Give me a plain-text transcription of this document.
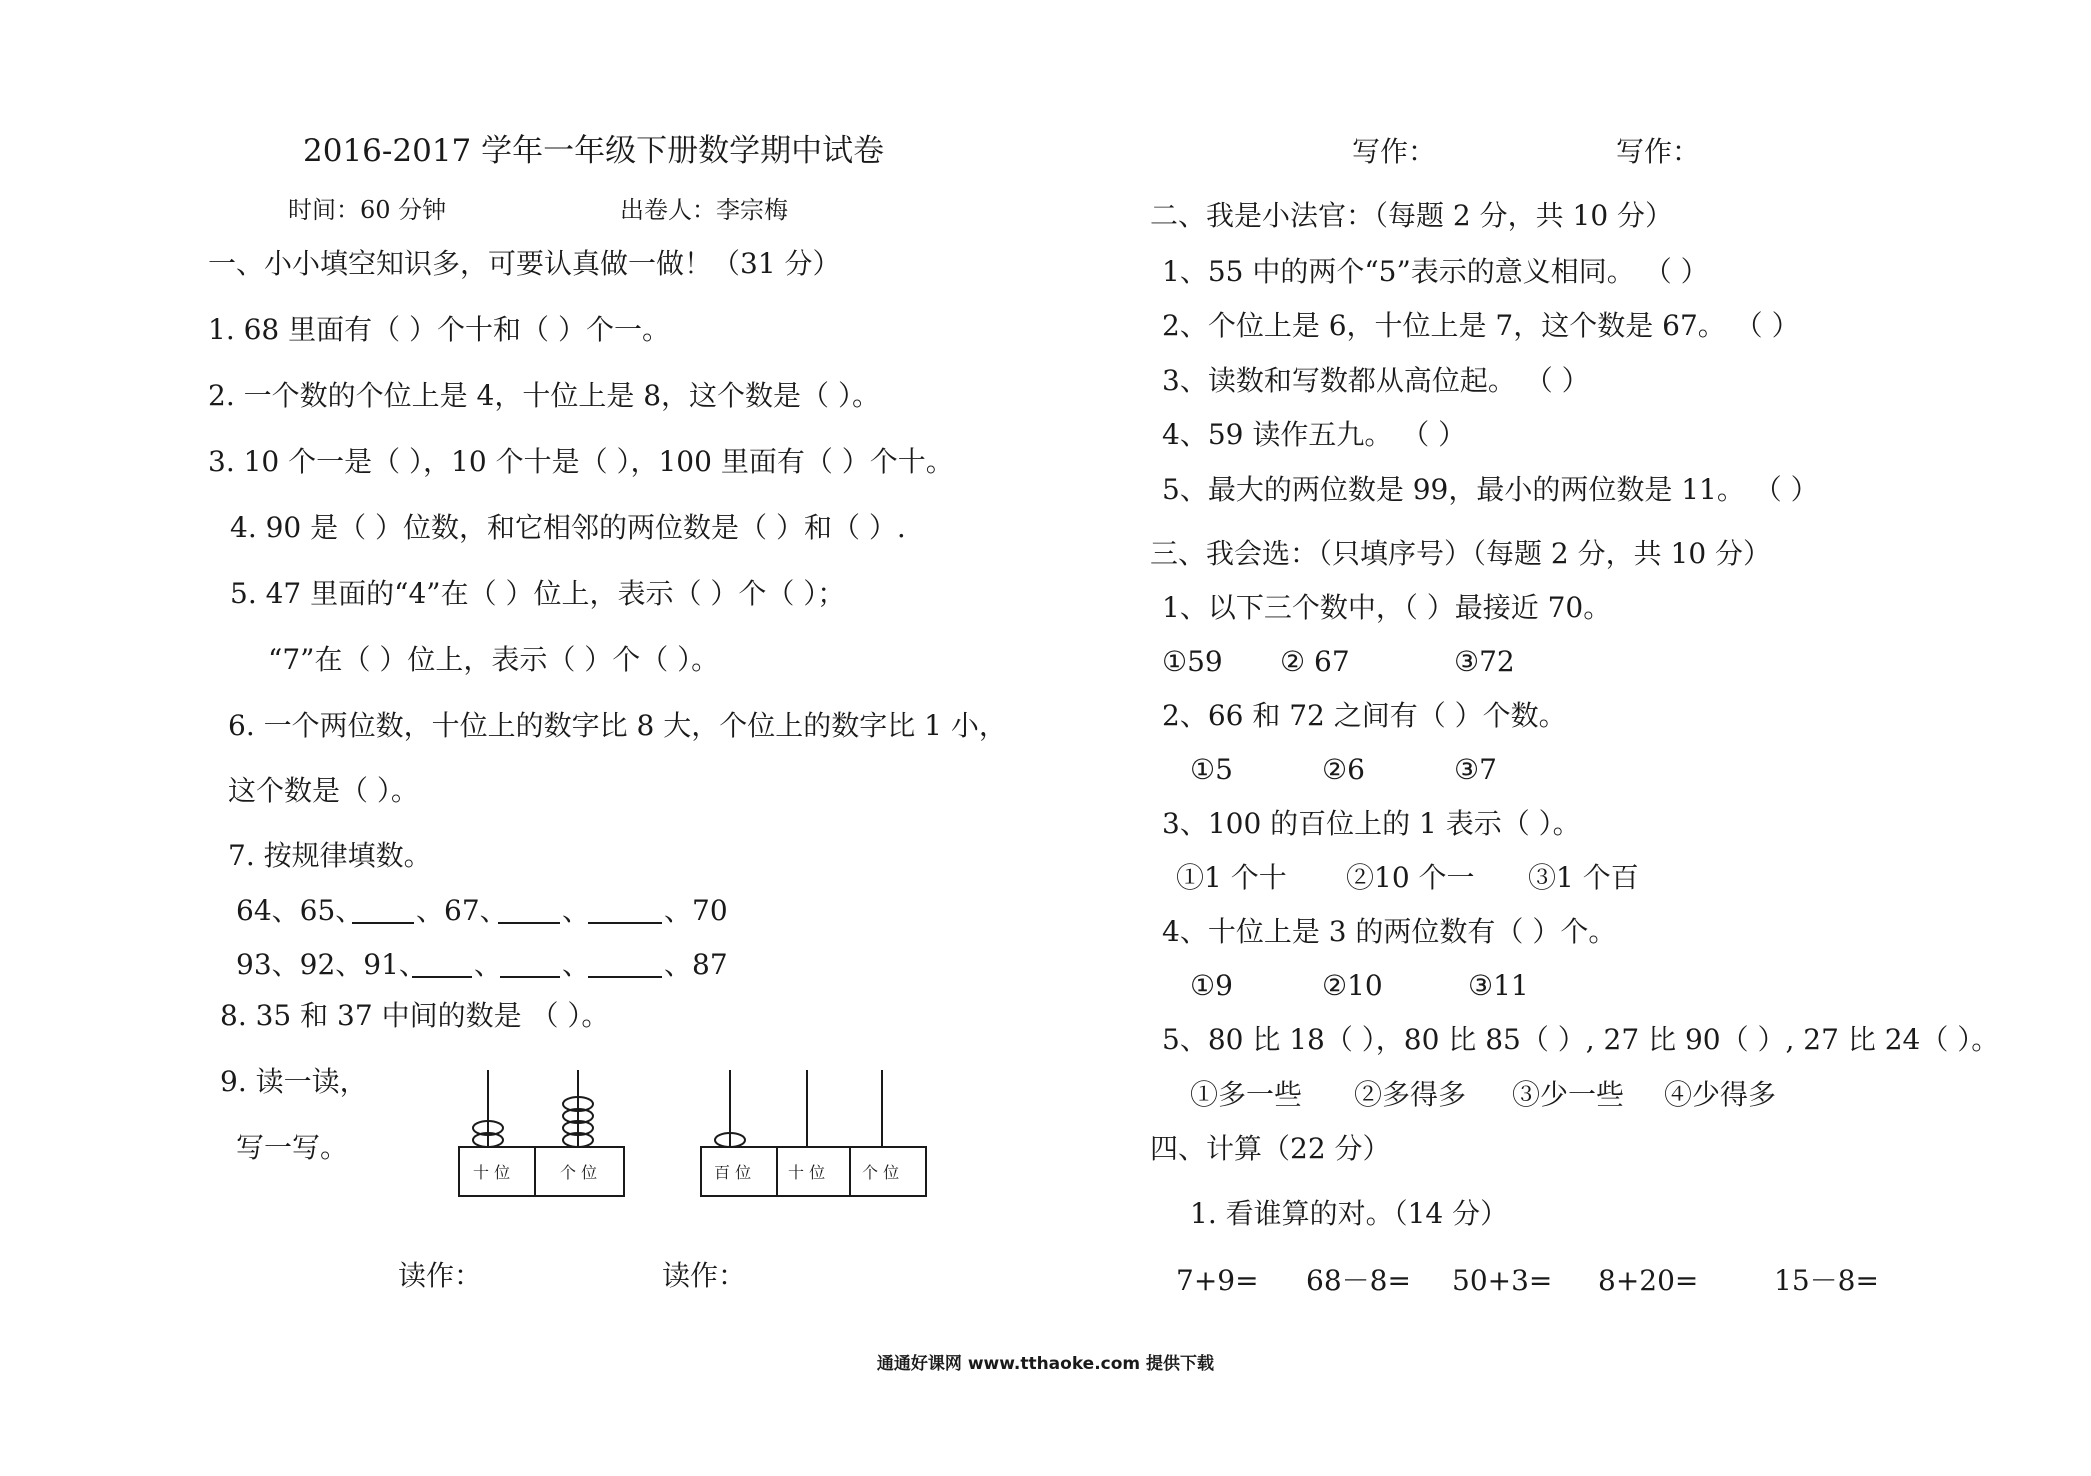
2016-2017 学年一年级下册数学期中试卷
时间：60 分钟	出卷人：李宗梅
一、小小填空知识多，可要认真做一做！（31 分）
1. 68 里面有（ ）个十和（ ）个一。
2. 一个数的个位上是 4，十位上是 8，这个数是（ ）。
3. 10 个一是（ ），10 个十是（ ），100 里面有（ ）个十。
4. 90 是（ ）位数，和它相邻的两位数是（ ）和（ ）.
5. 47 里面的“4”在（ ）位上，表示（ ）个（ ）；
“7”在（ ）位上，表示（ ）个（ ）。
6. 一个两位数，十位上的数字比 8 大，个位上的数字比 1 小，
这个数是（ ）。
7. 按规律填数。
64、65、 、67、 、	、70
93、92、91、 、 、	、87
8. 35 和 37 中间的数是 （ ）。
9. 读一读，
写一写。
十 位	个 位	百 位 十 位 个 位
读作：	读作：
写作：	写作：
二、我是小法官：（每题 2 分，共 10 分）
1、55 中的两个“5”表示的意义相同。 （ ）
2、个位上是 6，十位上是 7，这个数是 67。 （ ）
3、读数和写数都从高位起。 （ ）
4、59 读作五九。 （ ）
5、最大的两位数是 99，最小的两位数是 11。 （ ）
三、我会选：（只填序号）（每题 2 分，共 10 分）
1、以下三个数中，（ ）最接近 70。
①59 ② 67	③72
2、66 和 72 之间有（ ）个数。
①5	②6	③7
3、100 的百位上的 1 表示（ ）。
①1 个十 ②10 个一 ③1 个百
4、十位上是 3 的两位数有（ ）个。
①9	②10	③11
5、80 比 18（ ），80 比 85（ ）, 27 比 90（ ）, 27 比 24（ ）。
①多一些 ②多得多 ③少一些 ④少得多
四、计算（22 分）
1. 看谁算的对。（14 分）
7+9= 68－8= 50+3= 8+20=	15－8=
通通好课网 www.tthaoke.com 提供下载
